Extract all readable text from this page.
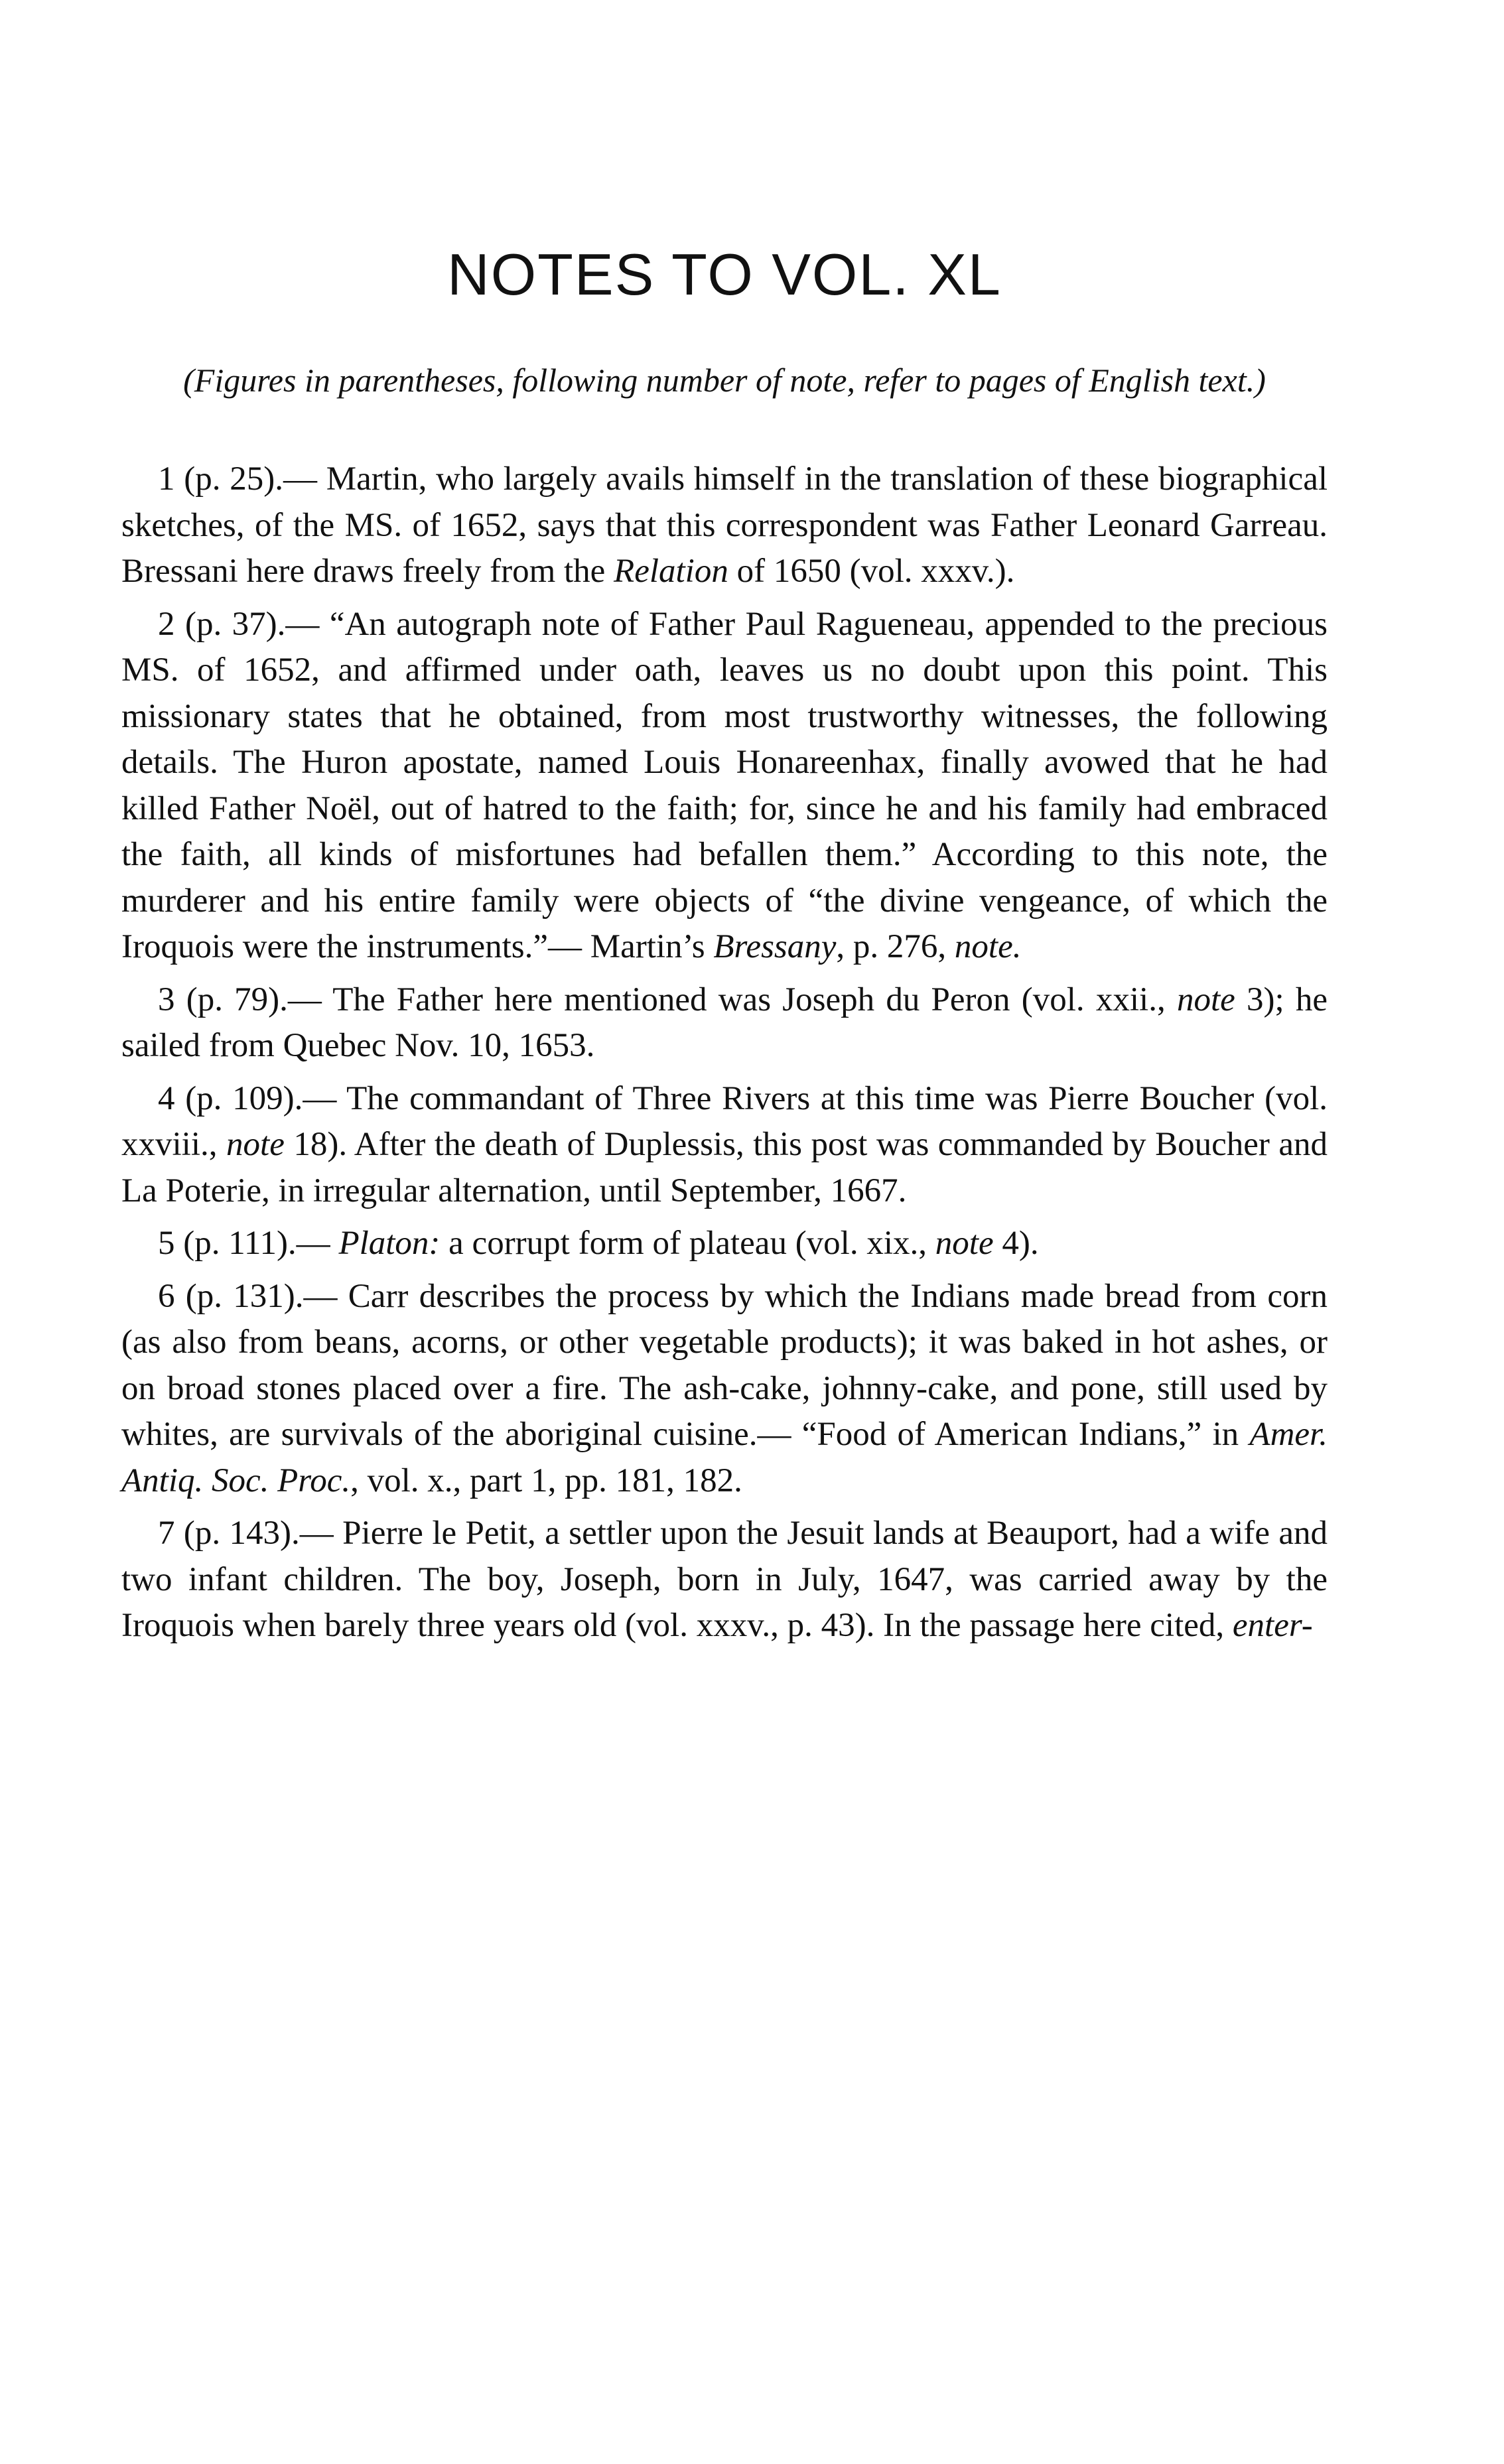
NOTES TO VOL. XL

(Figures in parentheses, following number of note, refer to pages of English text.)

1 (p. 25).— Martin, who largely avails himself in the translation of these biographical sketches, of the MS. of 1652, says that this correspondent was Father Leonard Garreau. Bressani here draws freely from the Relation of 1650 (vol. xxxv.).

2 (p. 37).— “An autograph note of Father Paul Ragueneau, appended to the precious MS. of 1652, and affirmed under oath, leaves us no doubt upon this point. This missionary states that he obtained, from most trustworthy witnesses, the following details. The Huron apostate, named Louis Honareenhax, finally avowed that he had killed Father Noël, out of hatred to the faith; for, since he and his family had embraced the faith, all kinds of misfortunes had befallen them.” According to this note, the murderer and his entire family were objects of “the divine vengeance, of which the Iroquois were the instruments.”— Martin’s Bressany, p. 276, note.

3 (p. 79).— The Father here mentioned was Joseph du Peron (vol. xxii., note 3); he sailed from Quebec Nov. 10, 1653.

4 (p. 109).— The commandant of Three Rivers at this time was Pierre Boucher (vol. xxviii., note 18). After the death of Duplessis, this post was commanded by Boucher and La Poterie, in irregular alternation, until September, 1667.

5 (p. 111).— Platon: a corrupt form of plateau (vol. xix., note 4).

6 (p. 131).— Carr describes the process by which the Indians made bread from corn (as also from beans, acorns, or other vegetable products); it was baked in hot ashes, or on broad stones placed over a fire. The ash-cake, johnny-cake, and pone, still used by whites, are survivals of the aboriginal cuisine.— “Food of American Indians,” in Amer. Antiq. Soc. Proc., vol. x., part 1, pp. 181, 182.

7 (p. 143).— Pierre le Petit, a settler upon the Jesuit lands at Beauport, had a wife and two infant children. The boy, Joseph, born in July, 1647, was carried away by the Iroquois when barely three years old (vol. xxxv., p. 43). In the passage here cited, enter-
